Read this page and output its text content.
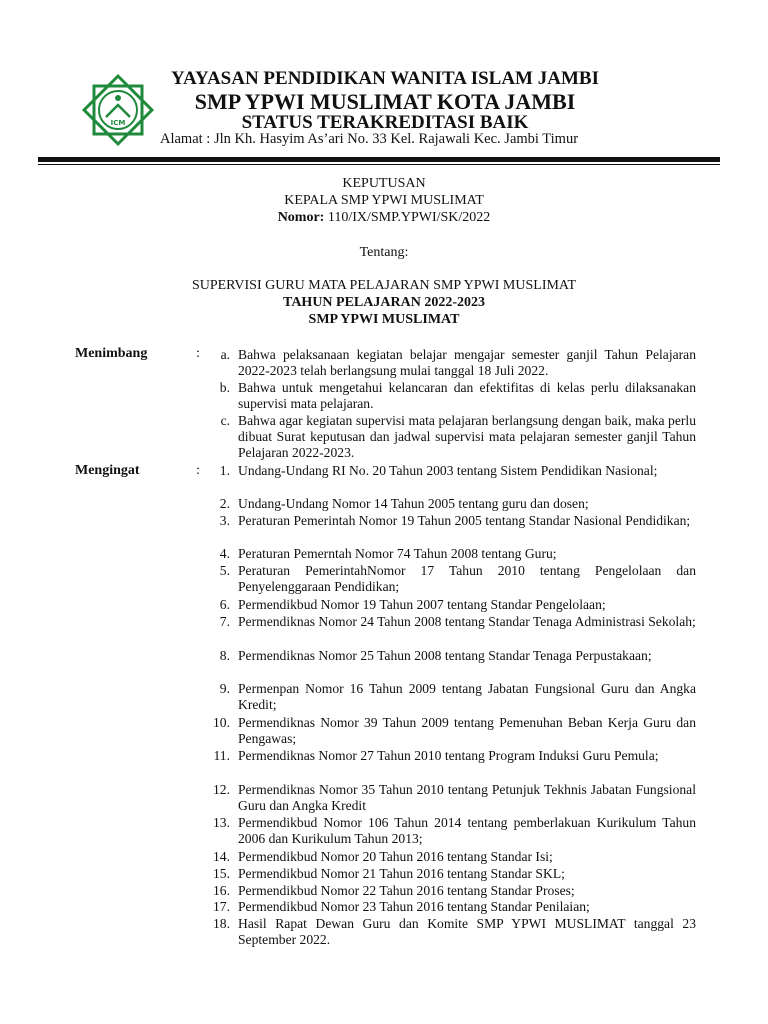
ICM
YAYASAN PENDIDIKAN WANITA ISLAM JAMBI
SMP YPWI MUSLIMAT KOTA JAMBI
STATUS TERAKREDITASI BAIK
Alamat : Jln Kh. Hasyim As’ari No. 33 Kel. Rajawali Kec. Jambi Timur
KEPUTUSAN
KEPALA SMP YPWI MUSLIMAT
Nomor: 110/IX/SMP.YPWI/SK/2022
Tentang:
SUPERVISI GURU MATA PELAJARAN SMP YPWI MUSLIMAT
TAHUN PELAJARAN 2022-2023
SMP YPWI MUSLIMAT
Menimbang	:	a. Bahwa pelaksanaan kegiatan belajar mengajar semester ganjil Tahun Pelajaran 2022-2023 telah berlangsung mulai tanggal 18 Juli 2022.
b. Bahwa untuk mengetahui kelancaran dan efektifitas di kelas perlu dilaksanakan supervisi mata pelajaran.
c. Bahwa agar kegiatan supervisi mata pelajaran berlangsung dengan baik, maka perlu dibuat Surat keputusan dan jadwal supervisi mata pelajaran semester ganjil Tahun Pelajaran 2022-2023.
Mengingat	:	1. Undang-Undang RI No. 20 Tahun 2003 tentang Sistem Pendidikan Nasional;
2. Undang-Undang Nomor 14 Tahun 2005 tentang guru dan dosen;
3. Peraturan Pemerintah Nomor 19 Tahun 2005 tentang Standar Nasional Pendidikan;
4. Peraturan Pemerntah Nomor 74 Tahun 2008 tentang Guru;
5. Peraturan PemerintahNomor 17 Tahun 2010 tentang Pengelolaan dan Penyelenggaraan Pendidikan;
6. Permendikbud Nomor 19 Tahun 2007 tentang Standar Pengelolaan;
7. Permendiknas Nomor 24 Tahun 2008 tentang Standar Tenaga Administrasi Sekolah;
8. Permendiknas Nomor 25 Tahun 2008 tentang Standar Tenaga Perpustakaan;
9. Permenpan Nomor 16 Tahun 2009 tentang Jabatan Fungsional Guru dan Angka Kredit;
10. Permendiknas Nomor 39 Tahun 2009 tentang Pemenuhan Beban Kerja Guru dan Pengawas;
11. Permendiknas Nomor 27 Tahun 2010 tentang Program Induksi Guru Pemula;
12. Permendiknas Nomor 35 Tahun 2010 tentang Petunjuk Tekhnis Jabatan Fungsional Guru dan Angka Kredit
13. Permendikbud Nomor 106 Tahun 2014 tentang pemberlakuan Kurikulum Tahun 2006 dan Kurikulum Tahun 2013;
14. Permendikbud Nomor 20 Tahun 2016 tentang Standar Isi;
15. Permendikbud Nomor 21 Tahun 2016 tentang Standar SKL;
16. Permendikbud Nomor 22 Tahun 2016 tentang Standar Proses;
17. Permendikbud Nomor 23 Tahun 2016 tentang Standar Penilaian;
18. Hasil Rapat Dewan Guru dan Komite SMP YPWI MUSLIMAT tanggal 23 September 2022.
